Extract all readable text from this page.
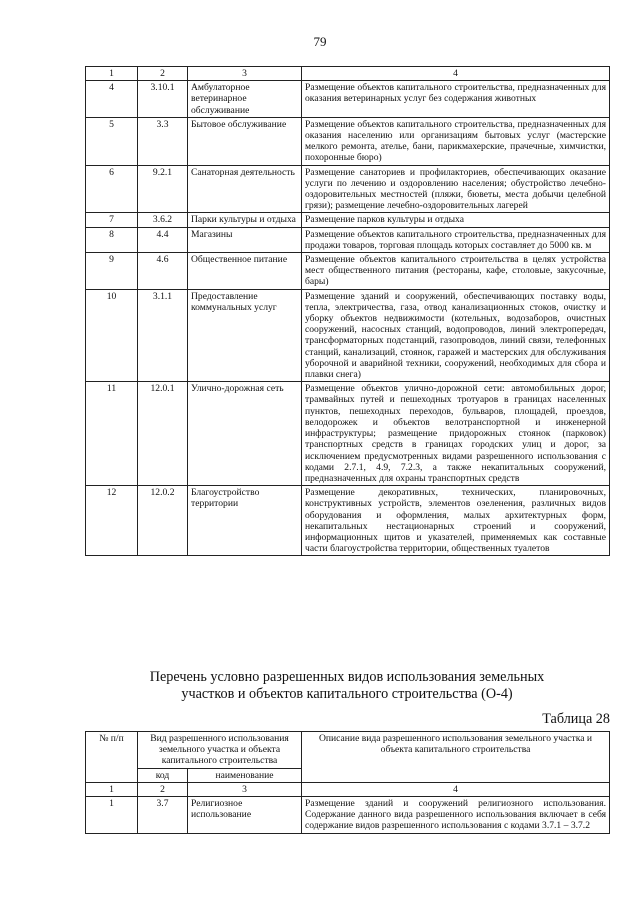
79
1	2	3	4
4	3.10.1	Амбулаторное ветеринарное обслуживание	Размещение объектов капитального строительства, предназначенных для оказания ветеринарных услуг без содержания животных
5	3.3	Бытовое обслуживание	Размещение объектов капитального строительства, предназначенных для оказания населению или организациям бытовых услуг (мастерские мелкого ремонта, ателье, бани, парикмахерские, прачечные, химчистки, похоронные бюро)
6	9.2.1	Санаторная деятельность	Размещение санаториев и профилакториев, обеспечивающих оказание услуги по лечению и оздоровлению населения; обустройство лечебно-оздоровительных местностей (пляжи, бюветы, места добычи целебной грязи); размещение лечебно-оздоровительных лагерей
7	3.6.2	Парки культуры и отдыха	Размещение парков культуры и отдыха
8	4.4	Магазины	Размещение объектов капитального строительства, предназначенных для продажи товаров, торговая площадь которых составляет до 5000 кв. м
9	4.6	Общественное питание	Размещение объектов капитального строительства в целях устройства мест общественного питания (рестораны, кафе, столовые, закусочные, бары)
10	3.1.1	Предоставление коммунальных услуг	Размещение зданий и сооружений, обеспечивающих поставку воды, тепла, электричества, газа, отвод канализационных стоков, очистку и уборку объектов недвижимости (котельных, водозаборов, очистных сооружений, насосных станций, водопроводов, линий электропередач, трансформаторных подстанций, газопроводов, линий связи, телефонных станций, канализаций, стоянок, гаражей и мастерских для обслуживания уборочной и аварийной техники, сооружений, необходимых для сбора и плавки снега)
11	12.0.1	Улично-дорожная сеть	Размещение объектов улично-дорожной сети: автомобильных дорог, трамвайных путей и пешеходных тротуаров в границах населенных пунктов, пешеходных переходов, бульваров, площадей, проездов, велодорожек и объектов велотранспортной и инженерной инфраструктуры; размещение придорожных стоянок (парковок) транспортных средств в границах городских улиц и дорог, за исключением предусмотренных видами разрешенного использования с кодами 2.7.1, 4.9, 7.2.3, а также некапитальных сооружений, предназначенных для охраны транспортных средств
12	12.0.2	Благоустройство территории	Размещение декоративных, технических, планировочных, конструктивных устройств, элементов озеленения, различных видов оборудования и оформления, малых архитектурных форм, некапитальных нестационарных строений и сооружений, информационных щитов и указателей, применяемых как составные части благоустройства территории, общественных туалетов
Перечень условно разрешенных видов использования земельных
участков и объектов капитального строительства (О-4)
Таблица 28
№ п/п	Вид разрешенного использования земельного участка и объекта капитального строительства		Описание вида разрешенного использования земельного участка и объекта капитального строительства
	код	наименование	
1	2	3	4
1	3.7	Религиозное использование	Размещение зданий и сооружений религиозного использования. Содержание данного вида разрешенного использования включает в себя содержание видов разрешенного использования с кодами 3.7.1 – 3.7.2
